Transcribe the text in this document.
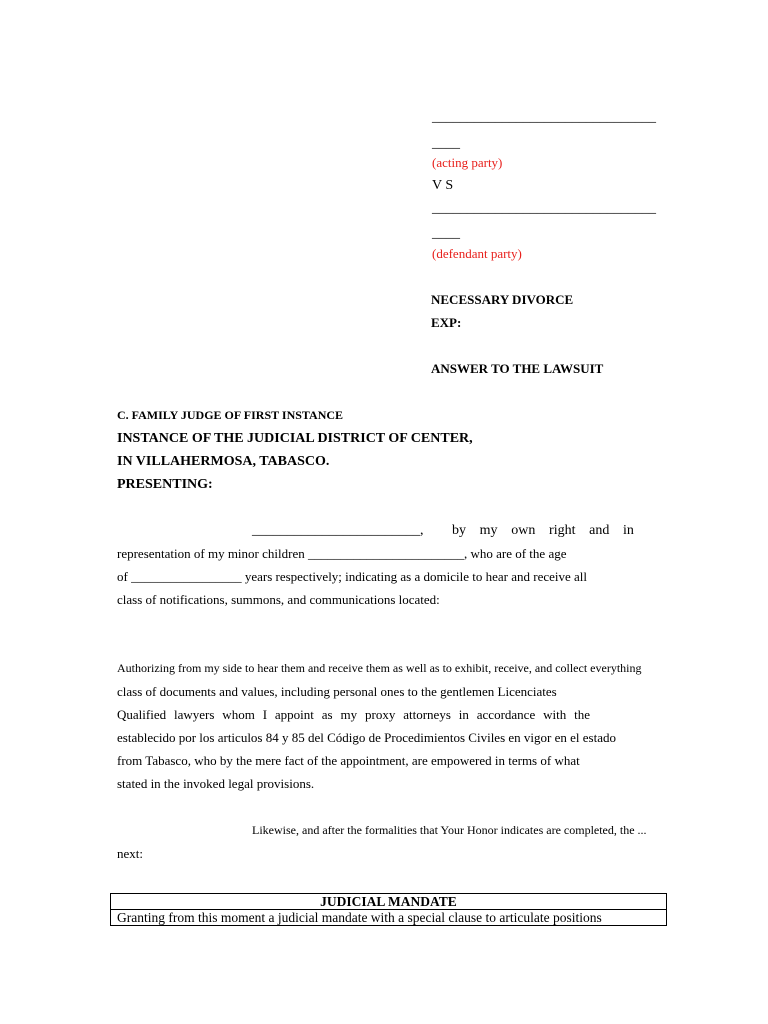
________________________________
____
(acting party)
V S
________________________________
____
(defendant party)
NECESSARY DIVORCE
EXP:
ANSWER TO THE LAWSUIT
C. FAMILY JUDGE OF FIRST INSTANCE
INSTANCE OF THE JUDICIAL DISTRICT OF CENTER,
IN VILLAHERMOSA, TABASCO.
PRESENTING:
________________________, by my own right and in
representation of my minor children ________________________, who are of the age
of _________________ years respectively; indicating as a domicile to hear and receive all
class of notifications, summons, and communications located:
Authorizing from my side to hear them and receive them as well as to exhibit, receive, and collect everything
class of documents and values, including personal ones to the gentlemen Licenciates
Qualified lawyers whom I appoint as my proxy attorneys in accordance with the
establecido por los articulos 84 y 85 del Código de Procedimientos Civiles en vigor en el estado
from Tabasco, who by the mere fact of the appointment, are empowered in terms of what
stated in the invoked legal provisions.
Likewise, and after the formalities that Your Honor indicates are completed, the ...
next:
JUDICIAL MANDATE
Granting from this moment a judicial mandate with a special clause to articulate positions
